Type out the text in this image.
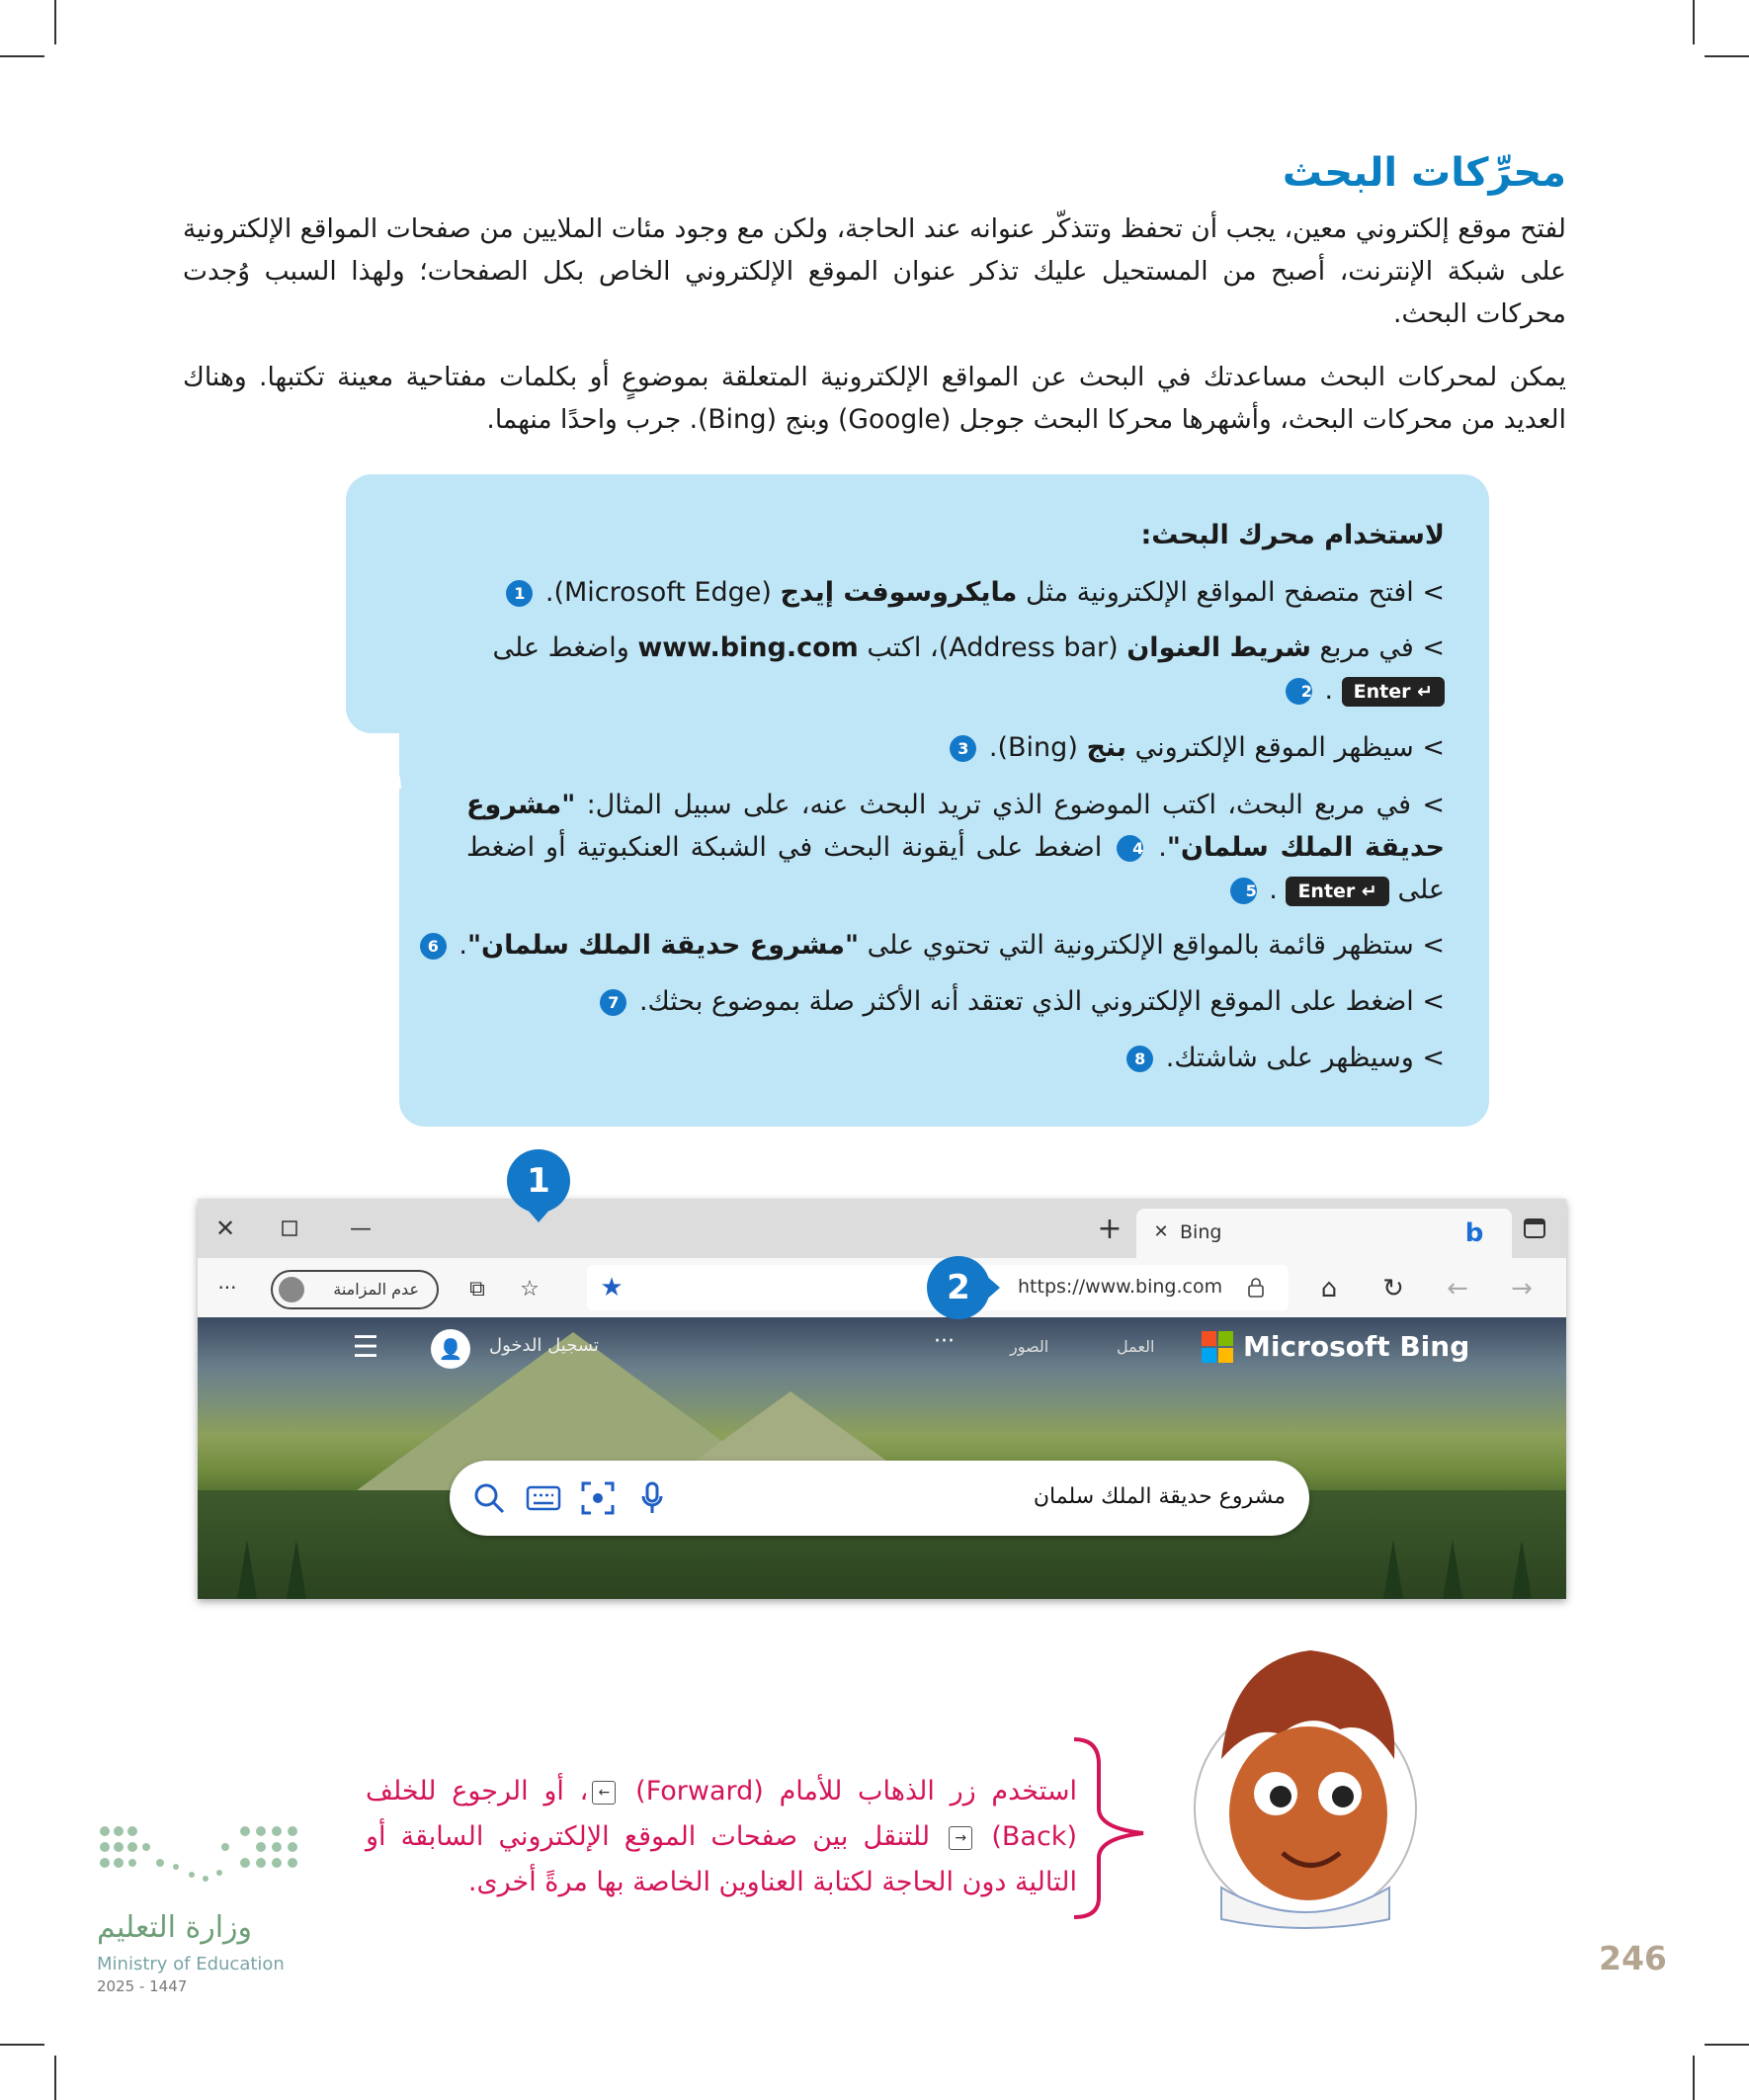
محرِّكات البحث

لفتح موقع إلكتروني معين، يجب أن تحفظ وتتذكّر عنوانه عند الحاجة، ولكن مع وجود مئات الملايين من صفحات المواقع الإلكترونية على شبكة الإنترنت، أصبح من المستحيل عليك تذكر عنوان الموقع الإلكتروني الخاص بكل الصفحات؛ ولهذا السبب وُجدت محركات البحث.

يمكن لمحركات البحث مساعدتك في البحث عن المواقع الإلكترونية المتعلقة بموضوعٍ أو بكلمات مفتاحية معينة تكتبها. وهناك العديد من محركات البحث، وأشهرها محركا البحث جوجل (Google) وبنج (Bing). جرب واحدًا منهما.

لاستخدام محرك البحث:
> افتح متصفح المواقع الإلكترونية مثل مايكروسوفت إيدج (Microsoft Edge). 1
> في مربع شريط العنوان (Address bar)، اكتب www.bing.com واضغط على
Enter ↵ . 2
> سيظهر الموقع الإلكتروني بنج (Bing). 3
> في مربع البحث، اكتب الموضوع الذي تريد البحث عنه، على سبيل المثال: "مشروع حديقة الملك سلمان". 4 اضغط على أيقونة البحث في الشبكة العنكبوتية أو اضغط على Enter ↵ . 5
> ستظهر قائمة بالمواقع الإلكترونية التي تحتوي على "مشروع حديقة الملك سلمان". 6
> اضغط على الموقع الإلكتروني الذي تعتقد أنه الأكثر صلة بموضوع بحثك. 7
> وسيظهر على شاشتك. 8
✕	—	+	✕ Bing	b
···	عدم المزامنة	⧉	☆	★	https://www.bing.com	⌂	↻	←	→
☰	👤	تسجيل الدخول	···	الصور	العمل	Microsoft Bing
مشروع حديقة الملك سلمان
1
2

استخدم زر الذهاب للأمام (Forward) ←، أو الرجوع للخلف (Back) → للتنقل بين صفحات الموقع الإلكتروني السابقة أو التالية دون الحاجة لكتابة العناوين الخاصة بها مرةً أخرى.

وزارة التعليم
Ministry of Education
2025 - 1447
246
